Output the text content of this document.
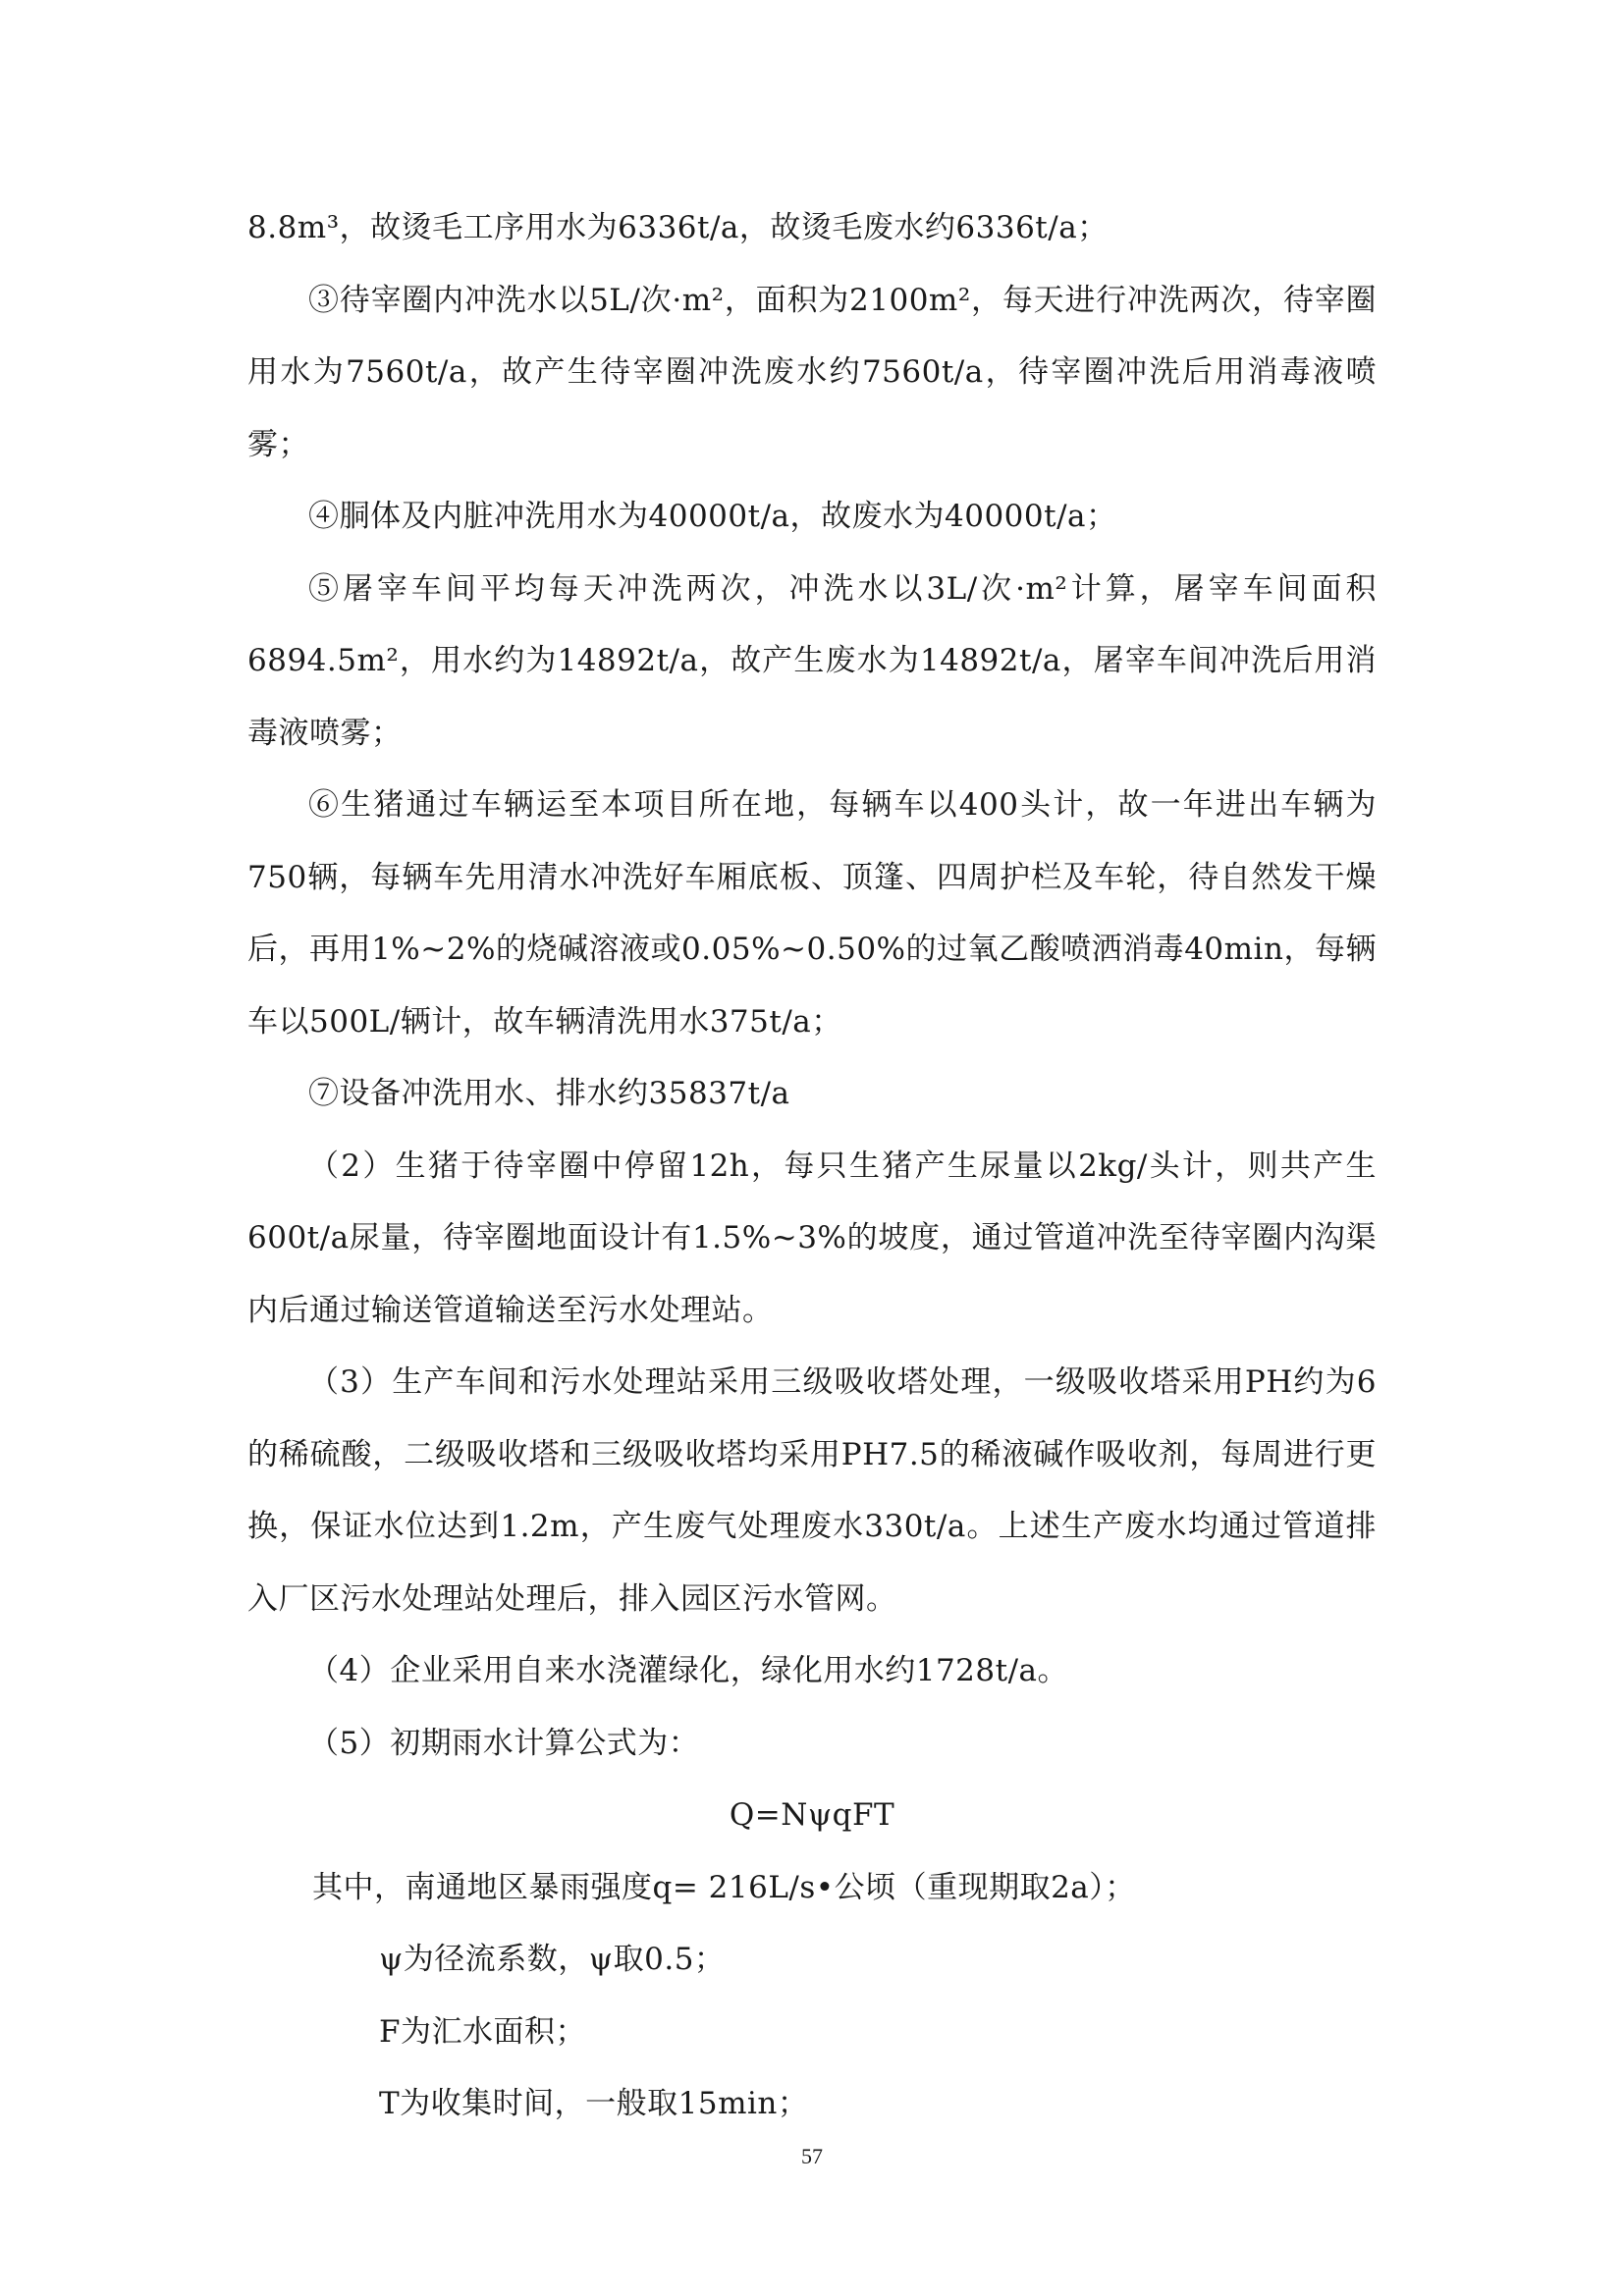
8.8m³，故烫毛工序用水为6336t/a，故烫毛废水约6336t/a；

③待宰圈内冲洗水以5L/次·m²，面积为2100m²，每天进行冲洗两次，待宰圈用水为7560t/a，故产生待宰圈冲洗废水约7560t/a，待宰圈冲洗后用消毒液喷雾；

④胴体及内脏冲洗用水为40000t/a，故废水为40000t/a；

⑤屠宰车间平均每天冲洗两次，冲洗水以3L/次·m²计算，屠宰车间面积6894.5m²，用水约为14892t/a，故产生废水为14892t/a，屠宰车间冲洗后用消毒液喷雾；

⑥生猪通过车辆运至本项目所在地，每辆车以400头计，故一年进出车辆为750辆，每辆车先用清水冲洗好车厢底板、顶篷、四周护栏及车轮，待自然发干燥后，再用1%~2%的烧碱溶液或0.05%~0.50%的过氧乙酸喷洒消毒40min，每辆车以500L/辆计，故车辆清洗用水375t/a；

⑦设备冲洗用水、排水约35837t/a

（2）生猪于待宰圈中停留12h，每只生猪产生尿量以2kg/头计，则共产生600t/a尿量，待宰圈地面设计有1.5%~3%的坡度，通过管道冲洗至待宰圈内沟渠内后通过输送管道输送至污水处理站。

（3）生产车间和污水处理站采用三级吸收塔处理，一级吸收塔采用PH约为6的稀硫酸，二级吸收塔和三级吸收塔均采用PH7.5的稀液碱作吸收剂，每周进行更换，保证水位达到1.2m，产生废气处理废水330t/a。上述生产废水均通过管道排入厂区污水处理站处理后，排入园区污水管网。

（4）企业采用自来水浇灌绿化，绿化用水约1728t/a。

（5）初期雨水计算公式为：

Q=NψqFT

其中，南通地区暴雨强度q= 216L/s•公顷（重现期取2a）；

ψ为径流系数，ψ取0.5；

F为汇水面积；

T为收集时间，一般取15min；

57
